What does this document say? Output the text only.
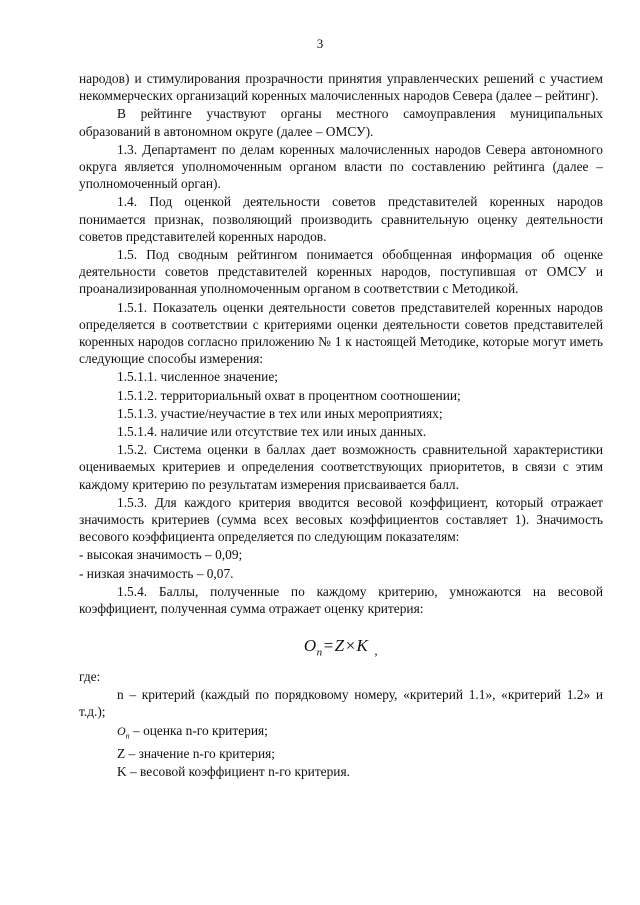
3

народов) и стимулирования прозрачности принятия управленческих решений с участием некоммерческих организаций коренных малочисленных народов Севера (далее – рейтинг).

В рейтинге участвуют органы местного самоуправления муниципальных образований в автономном округе (далее – ОМСУ).

1.3. Департамент по делам коренных малочисленных народов Севера автономного округа является уполномоченным органом власти по составлению рейтинга (далее – уполномоченный орган).

1.4. Под оценкой деятельности советов представителей коренных народов понимается признак, позволяющий производить сравнительную оценку деятельности советов представителей коренных народов.

1.5. Под сводным рейтингом понимается обобщенная информация об оценке деятельности советов представителей коренных народов, поступившая от ОМСУ и проанализированная уполномоченным органом в соответствии с Методикой.

1.5.1. Показатель оценки деятельности советов представителей коренных народов определяется в соответствии с критериями оценки деятельности советов представителей коренных народов согласно приложению № 1 к настоящей Методике, которые могут иметь следующие способы измерения:

1.5.1.1. численное значение;

1.5.1.2. территориальный охват в процентном соотношении;

1.5.1.3. участие/неучастие в тех или иных мероприятиях;

1.5.1.4. наличие или отсутствие тех или иных данных.

1.5.2. Система оценки в баллах дает возможность сравнительной характеристики оцениваемых критериев и определения соответствующих приоритетов, в связи с этим каждому критерию по результатам измерения присваивается балл.

1.5.3. Для каждого критерия вводится весовой коэффициент, который отражает значимость критериев (сумма всех весовых коэффициентов составляет 1). Значимость весового коэффициента определяется по следующим показателям:

- высокая значимость – 0,09;

- низкая значимость – 0,07.

1.5.4. Баллы, полученные по каждому критерию, умножаются на весовой коэффициент, полученная сумма отражает оценку критерия:

$O_n=Z\times K$ $_,$

где:

n – критерий (каждый по порядковому номеру, «критерий 1.1», «критерий 1.2» и т.д.);

$O_n$ – оценка n-го критерия;

Z – значение n-го критерия;

K – весовой коэффициент n-го критерия.
